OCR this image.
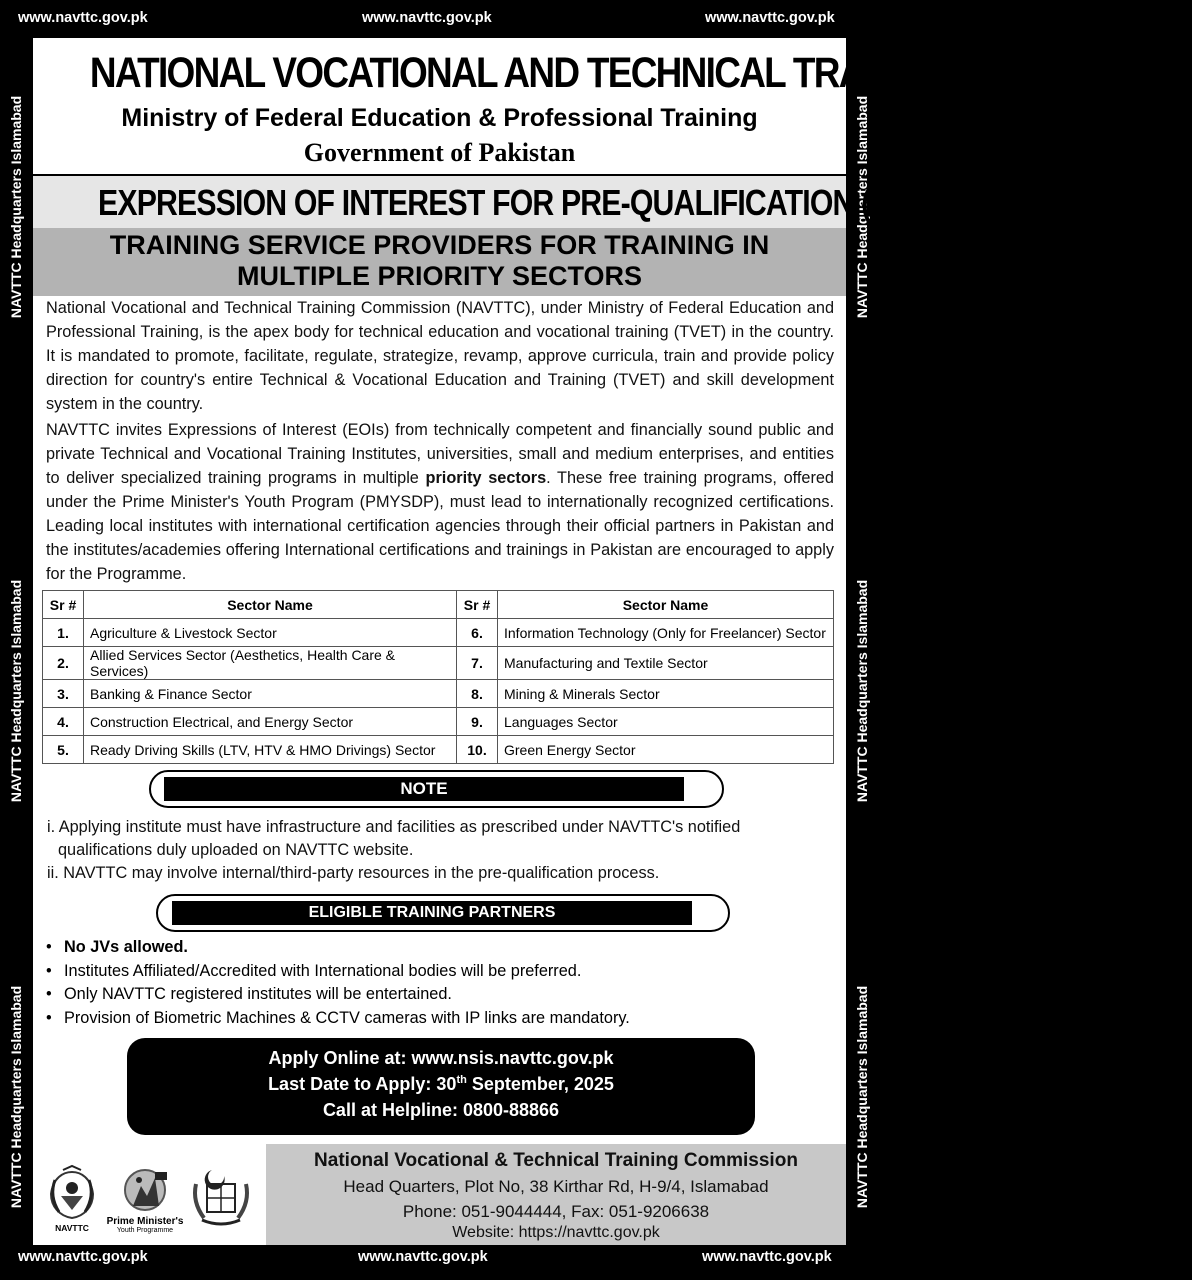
www.navttc.gov.pk	www.navttc.gov.pk	www.navttc.gov.pk
www.navttc.gov.pk	www.navttc.gov.pk	www.navttc.gov.pk
NAVTTC Headquarters Islamabad
NAVTTC Headquarters Islamabad
NAVTTC Headquarters Islamabad
NAVTTC Headquarters Islamabad
NAVTTC Headquarters Islamabad
NAVTTC Headquarters Islamabad
NATIONAL VOCATIONAL AND TECHNICAL TRAINING COMMISSION
Ministry of Federal Education & Professional Training
Government of Pakistan
EXPRESSION OF INTEREST FOR PRE-QUALIFICATION (PMYSDP BATCH-III)
TRAINING SERVICE PROVIDERS FOR TRAINING IN
MULTIPLE PRIORITY SECTORS
National Vocational and Technical Training Commission (NAVTTC), under Ministry of Federal Education and Professional Training, is the apex body for technical education and vocational training (TVET) in the country. It is mandated to promote, facilitate, regulate, strategize, revamp, approve curricula, train and provide policy direction for country's entire Technical & Vocational Education and Training (TVET) and skill development system in the country.
NAVTTC invites Expressions of Interest (EOIs) from technically competent and financially sound public and private Technical and Vocational Training Institutes, universities, small and medium enterprises, and entities to deliver specialized training programs in multiple priority sectors. These free training programs, offered under the Prime Minister's Youth Program (PMYSDP), must lead to internationally recognized certifications. Leading local institutes with international certification agencies through their official partners in Pakistan and the institutes/academies offering International certifications and trainings in Pakistan are encouraged to apply for the Programme.
Sr #	Sector Name	Sr #	Sector Name
1.	Agriculture & Livestock Sector	6.	Information Technology (Only for Freelancer) Sector
2.	Allied Services Sector (Aesthetics, Health Care & Services)	7.	Manufacturing and Textile Sector
3.	Banking & Finance Sector	8.	Mining & Minerals Sector
4.	Construction Electrical, and Energy Sector	9.	Languages Sector
5.	Ready Driving Skills (LTV, HTV & HMO Drivings) Sector	10.	Green Energy Sector
NOTE
i. Applying institute must have infrastructure and facilities as prescribed under NAVTTC's notified
qualifications duly uploaded on NAVTTC website.
ii. NAVTTC may involve internal/third-party resources in the pre-qualification process.
ELIGIBLE TRAINING PARTNERS
• No JVs allowed.
• Institutes Affiliated/Accredited with International bodies will be preferred.
• Only NAVTTC registered institutes will be entertained.
• Provision of Biometric Machines & CCTV cameras with IP links are mandatory.
Apply Online at: www.nsis.navttc.gov.pk
Last Date to Apply: 30th September, 2025
Call at Helpline: 0800-88866
NAVTTC
Prime Minister's
Youth Programme
National Vocational & Technical Training Commission
Head Quarters, Plot No, 38 Kirthar Rd, H-9/4, Islamabad
Phone: 051-9044444, Fax: 051-9206638
Website: https://navttc.gov.pk
